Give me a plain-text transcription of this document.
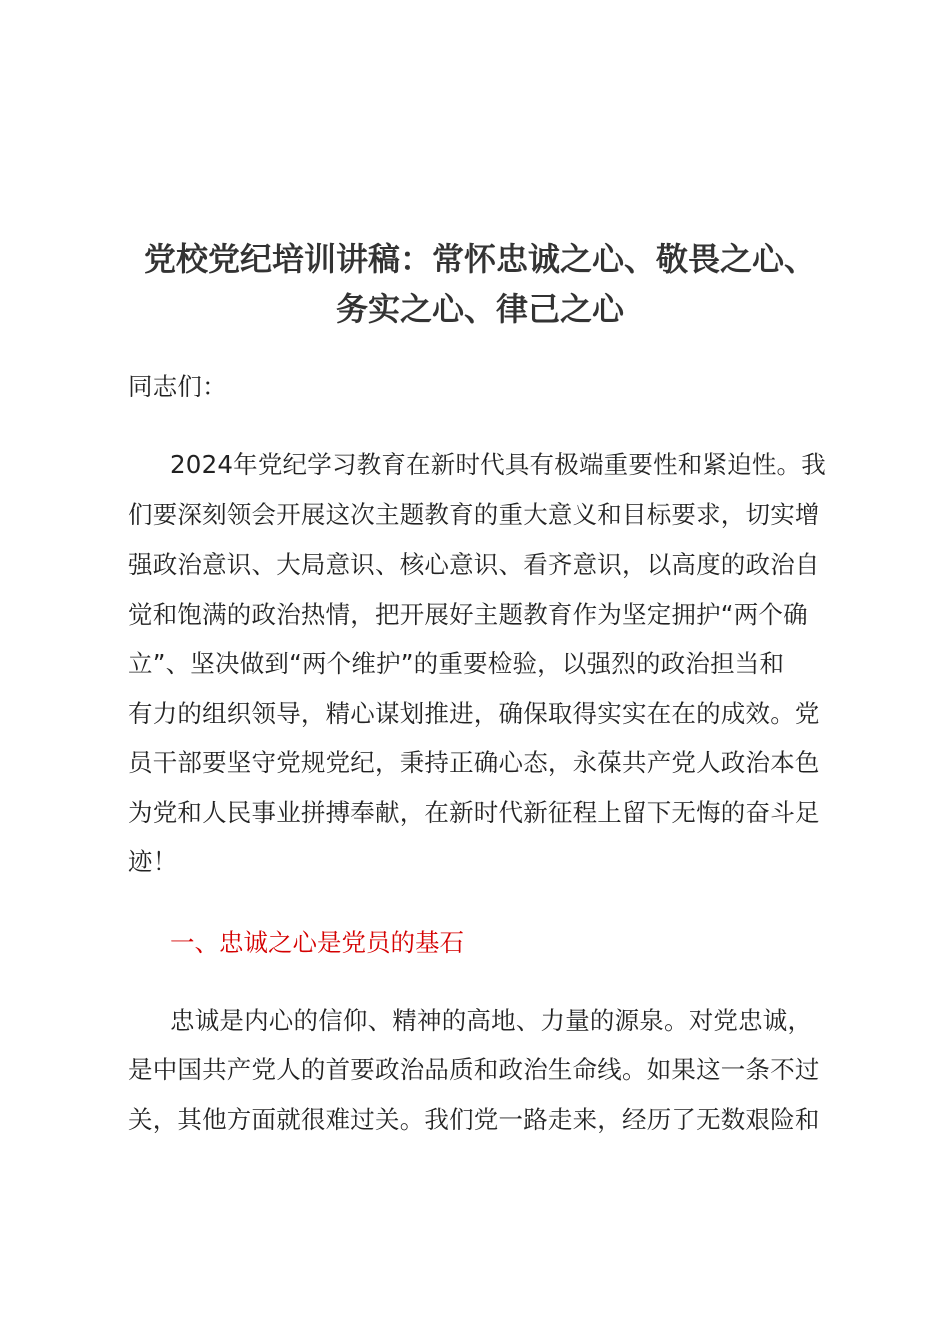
党校党纪培训讲稿：常怀忠诚之心、敬畏之心、
务实之心、律己之心
同志们：
2024年党纪学习教育在新时代具有极端重要性和紧迫性。我
们要深刻领会开展这次主题教育的重大意义和目标要求，切实增
强政治意识、大局意识、核心意识、看齐意识，以高度的政治自
觉和饱满的政治热情，把开展好主题教育作为坚定拥护“两个确
立”、坚决做到“两个维护”的重要检验，以强烈的政治担当和
有力的组织领导，精心谋划推进，确保取得实实在在的成效。党
员干部要坚守党规党纪，秉持正确心态，永葆共产党人政治本色
为党和人民事业拼搏奉献，在新时代新征程上留下无悔的奋斗足
迹！
一、忠诚之心是党员的基石
忠诚是内心的信仰、精神的高地、力量的源泉。对党忠诚，
是中国共产党人的首要政治品质和政治生命线。如果这一条不过
关，其他方面就很难过关。我们党一路走来，经历了无数艰险和
